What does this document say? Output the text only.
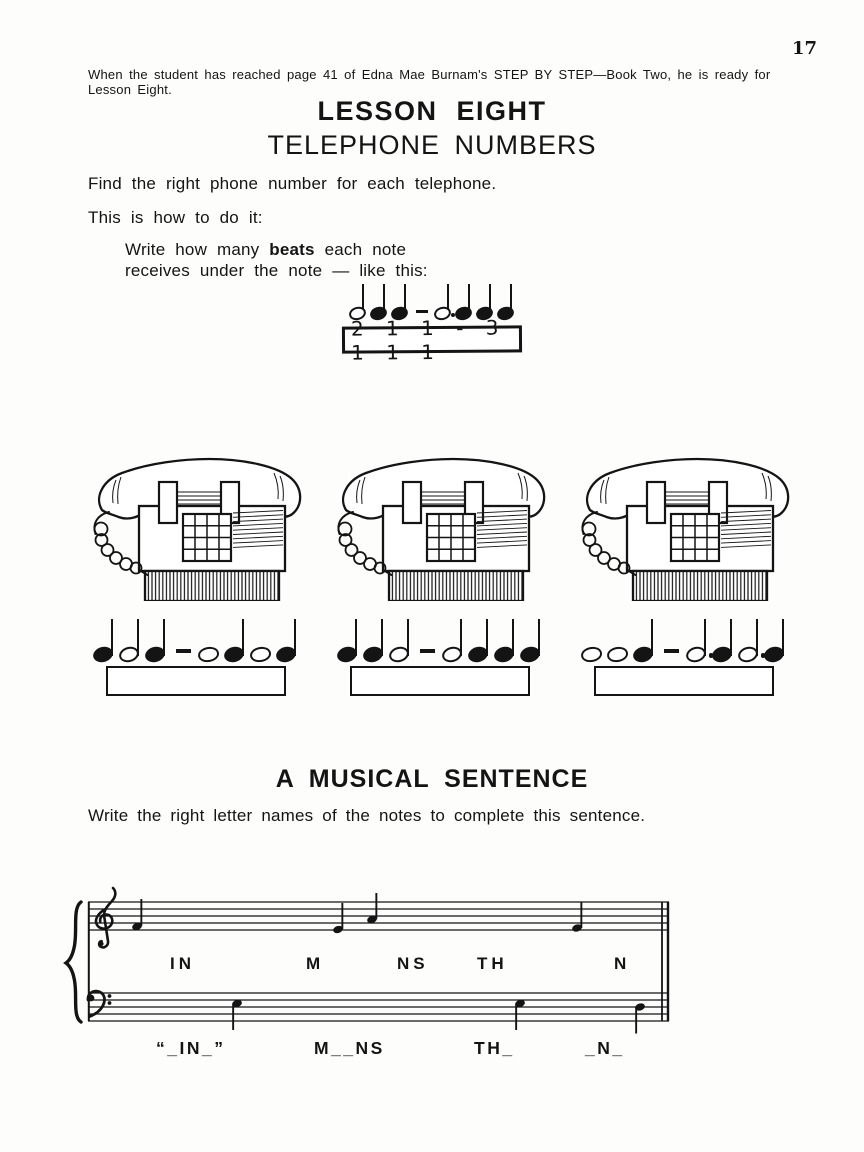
17

When the student has reached page 41 of Edna Mae Burnam's STEP BY STEP—Book Two, he is ready for Lesson Eight.

LESSON EIGHT
TELEPHONE NUMBERS

Find the right phone number for each telephone.

This is how to do it:

Write how many beats each note
receives under the note — like this:

2 1 1 - 3 1 1 1
A MUSICAL SENTENCE

Write the right letter names of the notes to complete this sentence.

IN	M	NS	TH	N
“_IN_”	M__NS	TH_	_N_
